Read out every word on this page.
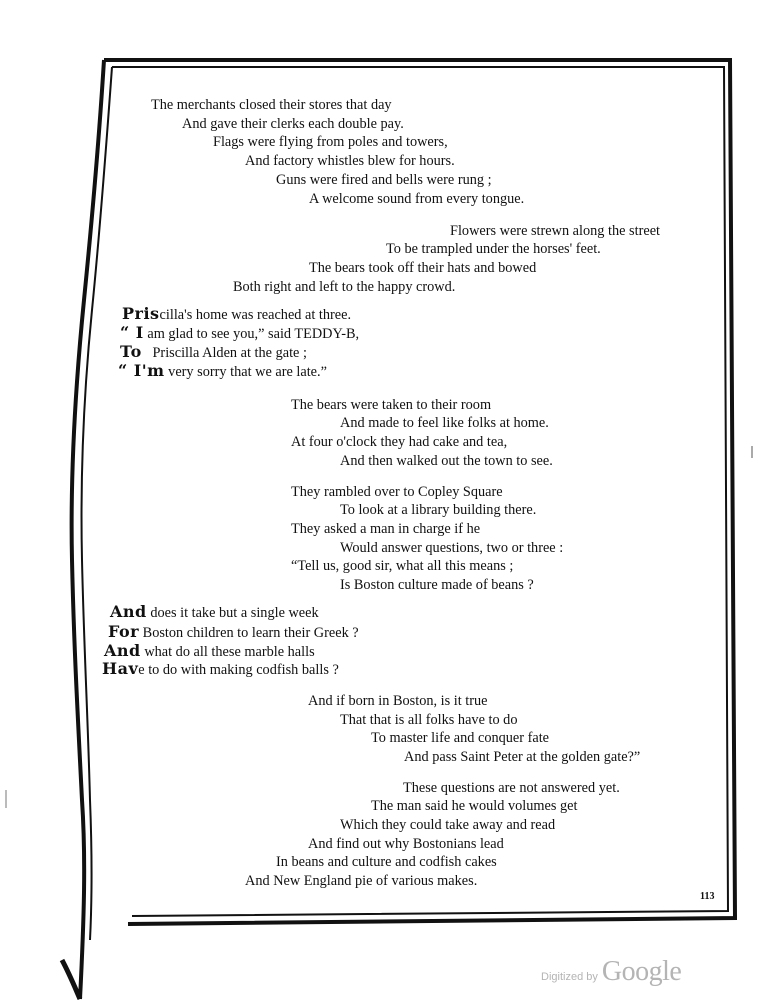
The merchants closed their stores that day
And gave their clerks each double pay.
Flags were flying from poles and towers,
And factory whistles blew for hours.
Guns were fired and bells were rung ;
A welcome sound from every tongue.
Flowers were strewn along the street
To be trampled under the horses' feet.
The bears took off their hats and bowed
Both right and left to the happy crowd.
Priscilla's home was reached at three.
“ I am glad to see you,” said TEDDY-B,
To Priscilla Alden at the gate ;
“ I'm very sorry that we are late.”
The bears were taken to their room
And made to feel like folks at home.
At four o'clock they had cake and tea,
And then walked out the town to see.
They rambled over to Copley Square
To look at a library building there.
They asked a man in charge if he
Would answer questions, two or three :
“Tell us, good sir, what all this means ;
Is Boston culture made of beans ?
And does it take but a single week
For Boston children to learn their Greek ?
And what do all these marble halls
Have to do with making codfish balls ?
And if born in Boston, is it true
That that is all folks have to do
To master life and conquer fate
And pass Saint Peter at the golden gate?”
These questions are not answered yet.
The man said he would volumes get
Which they could take away and read
And find out why Bostonians lead
In beans and culture and codfish cakes
And New England pie of various makes.
113
Digitized by Google
